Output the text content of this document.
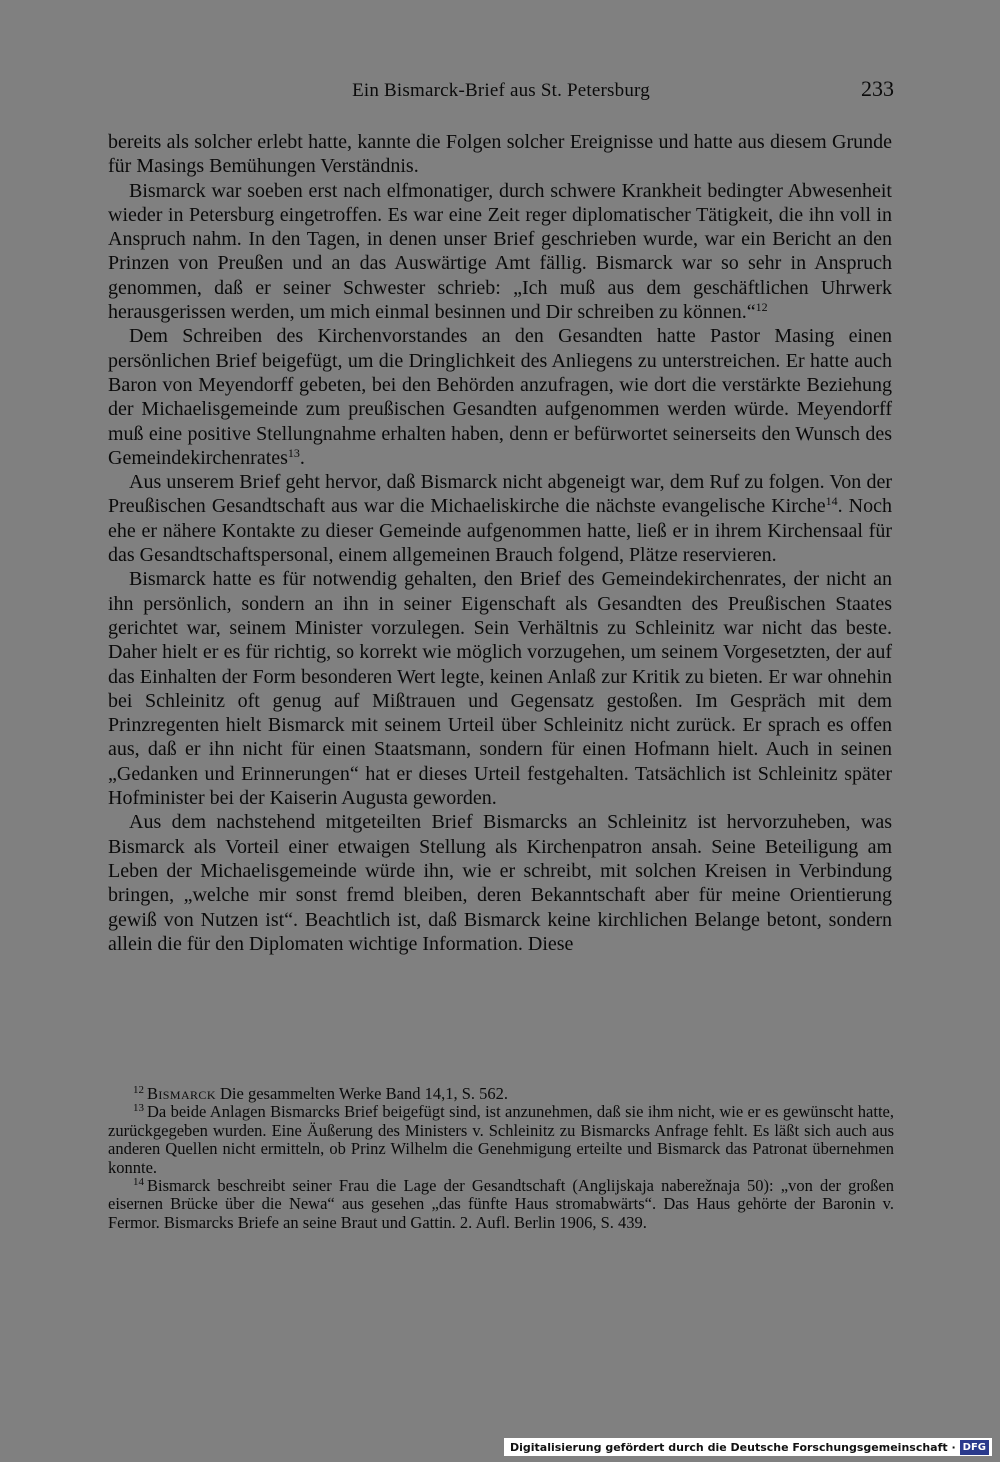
Ein Bismarck-Brief aus St. Petersburg	233

bereits als solcher erlebt hatte, kannte die Folgen solcher Ereignisse und hatte aus diesem Grunde für Masings Bemühungen Verständnis.

Bismarck war soeben erst nach elfmonatiger, durch schwere Krankheit bedingter Abwesenheit wieder in Petersburg eingetroffen. Es war eine Zeit reger diplomatischer Tätigkeit, die ihn voll in Anspruch nahm. In den Tagen, in denen unser Brief geschrieben wurde, war ein Bericht an den Prinzen von Preußen und an das Auswärtige Amt fällig. Bismarck war so sehr in Anspruch genommen, daß er seiner Schwester schrieb: „Ich muß aus dem geschäftlichen Uhrwerk herausgerissen werden, um mich einmal besinnen und Dir schreiben zu können.“$^{12}$

Dem Schreiben des Kirchenvorstandes an den Gesandten hatte Pastor Masing einen persönlichen Brief beigefügt, um die Dringlichkeit des Anliegens zu unterstreichen. Er hatte auch Baron von Meyendorff gebeten, bei den Behörden anzufragen, wie dort die verstärkte Beziehung der Michaelisgemeinde zum preußischen Gesandten aufgenommen werden würde. Meyendorff muß eine positive Stellungnahme erhalten haben, denn er befürwortet seinerseits den Wunsch des Gemeindekirchenrates$^{13}$.

Aus unserem Brief geht hervor, daß Bismarck nicht abgeneigt war, dem Ruf zu folgen. Von der Preußischen Gesandtschaft aus war die Michaeliskirche die nächste evangelische Kirche$^{14}$. Noch ehe er nähere Kontakte zu dieser Gemeinde aufgenommen hatte, ließ er in ihrem Kirchensaal für das Gesandtschaftspersonal, einem allgemeinen Brauch folgend, Plätze reservieren.

Bismarck hatte es für notwendig gehalten, den Brief des Gemeindekirchenrates, der nicht an ihn persönlich, sondern an ihn in seiner Eigenschaft als Gesandten des Preußischen Staates gerichtet war, seinem Minister vorzulegen. Sein Verhältnis zu Schleinitz war nicht das beste. Daher hielt er es für richtig, so korrekt wie möglich vorzugehen, um seinem Vorgesetzten, der auf das Einhalten der Form besonderen Wert legte, keinen Anlaß zur Kritik zu bieten. Er war ohnehin bei Schleinitz oft genug auf Mißtrauen und Gegensatz gestoßen. Im Gespräch mit dem Prinzregenten hielt Bismarck mit seinem Urteil über Schleinitz nicht zurück. Er sprach es offen aus, daß er ihn nicht für einen Staatsmann, sondern für einen Hofmann hielt. Auch in seinen „Gedanken und Erinnerungen“ hat er dieses Urteil festgehalten. Tatsächlich ist Schleinitz später Hofminister bei der Kaiserin Augusta geworden.

Aus dem nachstehend mitgeteilten Brief Bismarcks an Schleinitz ist hervorzuheben, was Bismarck als Vorteil einer etwaigen Stellung als Kirchenpatron ansah. Seine Beteiligung am Leben der Michaelisgemeinde würde ihn, wie er schreibt, mit solchen Kreisen in Verbindung bringen, „welche mir sonst fremd bleiben, deren Bekanntschaft aber für meine Orientierung gewiß von Nutzen ist“. Beachtlich ist, daß Bismarck keine kirchlichen Belange betont, sondern allein die für den Diplomaten wichtige Information. Diese

$^{12}$ Bismarck Die gesammelten Werke Band 14,1, S. 562.

$^{13}$ Da beide Anlagen Bismarcks Brief beigefügt sind, ist anzunehmen, daß sie ihm nicht, wie er es gewünscht hatte, zurückgegeben wurden. Eine Äußerung des Ministers v. Schleinitz zu Bismarcks Anfrage fehlt. Es läßt sich auch aus anderen Quellen nicht ermitteln, ob Prinz Wilhelm die Genehmigung erteilte und Bismarck das Patronat übernehmen konnte.

$^{14}$ Bismarck beschreibt seiner Frau die Lage der Gesandtschaft (Anglijskaja naberežnaja 50): „von der großen eisernen Brücke über die Newa“ aus gesehen „das fünfte Haus stromabwärts“. Das Haus gehörte der Baronin v. Fermor. Bismarcks Briefe an seine Braut und Gattin. 2. Aufl. Berlin 1906, S. 439.

Digitalisierung gefördert durch die Deutsche Forschungsgemeinschaft · DFG
